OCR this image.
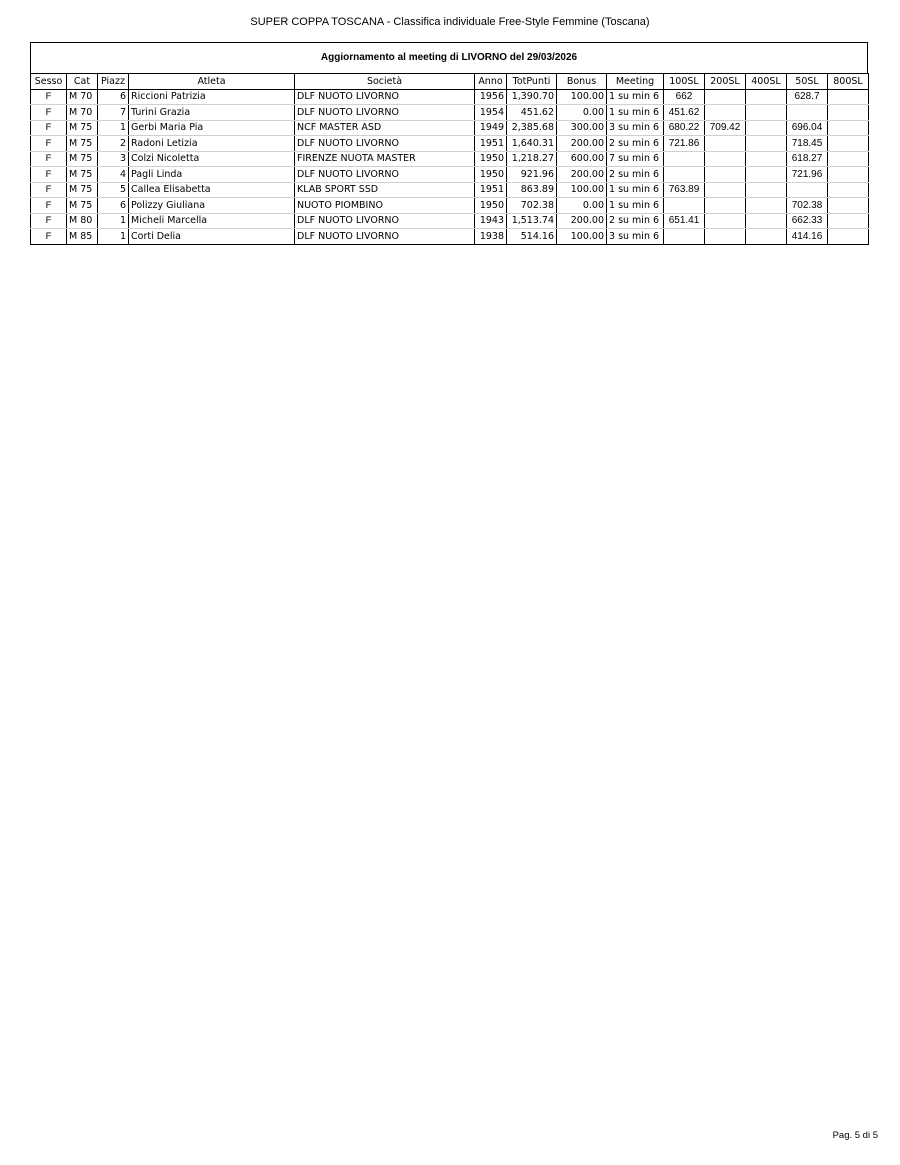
SUPER COPPA TOSCANA - Classifica individuale Free-Style Femmine (Toscana)
Aggiornamento al meeting di LIVORNO del 29/03/2026
Sesso	Cat	Piazz	Atleta	Società	Anno	TotPunti	Bonus	Meeting	100SL	200SL	400SL	50SL	800SL
F	M 70	6	Riccioni Patrizia	DLF NUOTO LIVORNO	1956	1,390.70	100.00	1 su min 6	662			628.7	
F	M 70	7	Turini Grazia	DLF NUOTO LIVORNO	1954	451.62	0.00	1 su min 6	451.62				
F	M 75	1	Gerbi Maria Pia	NCF MASTER ASD	1949	2,385.68	300.00	3 su min 6	680.22	709.42		696.04	
F	M 75	2	Radoni Letizia	DLF NUOTO LIVORNO	1951	1,640.31	200.00	2 su min 6	721.86			718.45	
F	M 75	3	Colzi Nicoletta	FIRENZE NUOTA MASTER	1950	1,218.27	600.00	7 su min 6				618.27	
F	M 75	4	Pagli Linda	DLF NUOTO LIVORNO	1950	921.96	200.00	2 su min 6				721.96	
F	M 75	5	Callea Elisabetta	KLAB SPORT SSD	1951	863.89	100.00	1 su min 6	763.89				
F	M 75	6	Polizzy Giuliana	NUOTO PIOMBINO	1950	702.38	0.00	1 su min 6				702.38	
F	M 80	1	Micheli Marcella	DLF NUOTO LIVORNO	1943	1,513.74	200.00	2 su min 6	651.41			662.33	
F	M 85	1	Corti Delia	DLF NUOTO LIVORNO	1938	514.16	100.00	3 su min 6				414.16	
Pag. 5 di 5
